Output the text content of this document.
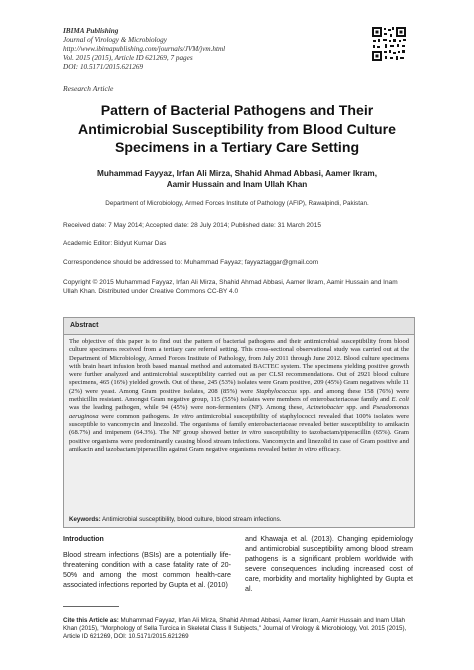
IBIMA Publishing
Journal of Virology & Microbiology
http://www.ibimapublishing.com/journals/JVM/jvm.html
Vol. 2015 (2015), Article ID 621269, 7 pages
DOI: 10.5171/2015.621269
Research Article
Pattern of Bacterial Pathogens and Their Antimicrobial Susceptibility from Blood Culture Specimens in a Tertiary Care Setting
Muhammad Fayyaz, Irfan Ali Mirza, Shahid Ahmad Abbasi, Aamer Ikram,
Aamir Hussain and Inam Ullah Khan
Department of Microbiology, Armed Forces Institute of Pathology (AFIP), Rawalpindi, Pakistan.
Received date: 7 May 2014; Accepted date: 28 July 2014; Published date: 31 March 2015
Academic Editor: Bidyut Kumar Das
Correspondence should be addressed to: Muhammad Fayyaz; fayyaztaggar@gmail.com
Copyright © 2015 Muhammad Fayyaz, Irfan Ali Mirza, Shahid Ahmad Abbasi, Aamer Ikram, Aamir Hussain and Inam Ullah Khan. Distributed under Creative Commons CC-BY 4.0
Abstract
The objective of this paper is to find out the pattern of bacterial pathogens and their antimicrobial susceptibility from blood culture specimens received from a tertiary care referral setting. This cross-sectional observational study was carried out at the Department of Microbiology, Armed Forces Institute of Pathology, from July 2011 through June 2012. Blood culture specimens with brain heart infusion broth based manual method and automated BACTEC system. The specimens yielding positive growth were further analyzed and antimicrobial susceptibility carried out as per CLSI recommendations. Out of 2921 blood culture specimens, 465 (16%) yielded growth. Out of these, 245 (53%) isolates were Gram positive, 209 (45%) Gram negatives while 11 (2%) were yeast. Among Gram positive isolates, 208 (85%) were Staphylococcus spp. and among these 158 (76%) were methicillin resistant. Amongst Gram negative group, 115 (55%) isolates were members of enterobacteriaceae family and E. coli was the leading pathogen, while 94 (45%) were non-fermenters (NF). Among these, Acinetobacter spp. and Pseudomonas aeruginosa were common pathogens. In vitro antimicrobial susceptibility of staphylococci revealed that 100% isolates were susceptible to vancomycin and linezolid. The organisms of family enterobacteriaceae revealed better susceptibility to amikacin (68.7%) and imipenem (64.3%). The NF group showed better in vitro susceptibility to tazobactam/piperacillin (65%). Gram positive organisms were predominantly causing blood stream infections. Vancomycin and linezolid in case of Gram positive and amikacin and tazobactam/piperacillin against Gram negative organisms revealed better in vitro efficacy.
Keywords: Antimicrobial susceptibility, blood culture, blood stream infections.
Introduction
Blood stream infections (BSIs) are a potentially life-threatening condition with a case fatality rate of 20-50% and among the most common health-care associated infections reported by Gupta et al. (2010)
and Khawaja et al. (2013). Changing epidemiology and antimicrobial susceptibility among blood stream pathogens is a significant problem worldwide with severe consequences including increased cost of care, morbidity and mortality highlighted by Gupta et al.
Cite this Article as: Muhammad Fayyaz, Irfan Ali Mirza, Shahid Ahmad Abbasi, Aamer Ikram, Aamir Hussain and Inam Ullah Khan (2015), "Morphology of Sella Turcica in Skeletal Class II Subjects," Journal of Virology & Microbiology, Vol. 2015 (2015), Article ID 621269, DOI: 10.5171/2015.621269
